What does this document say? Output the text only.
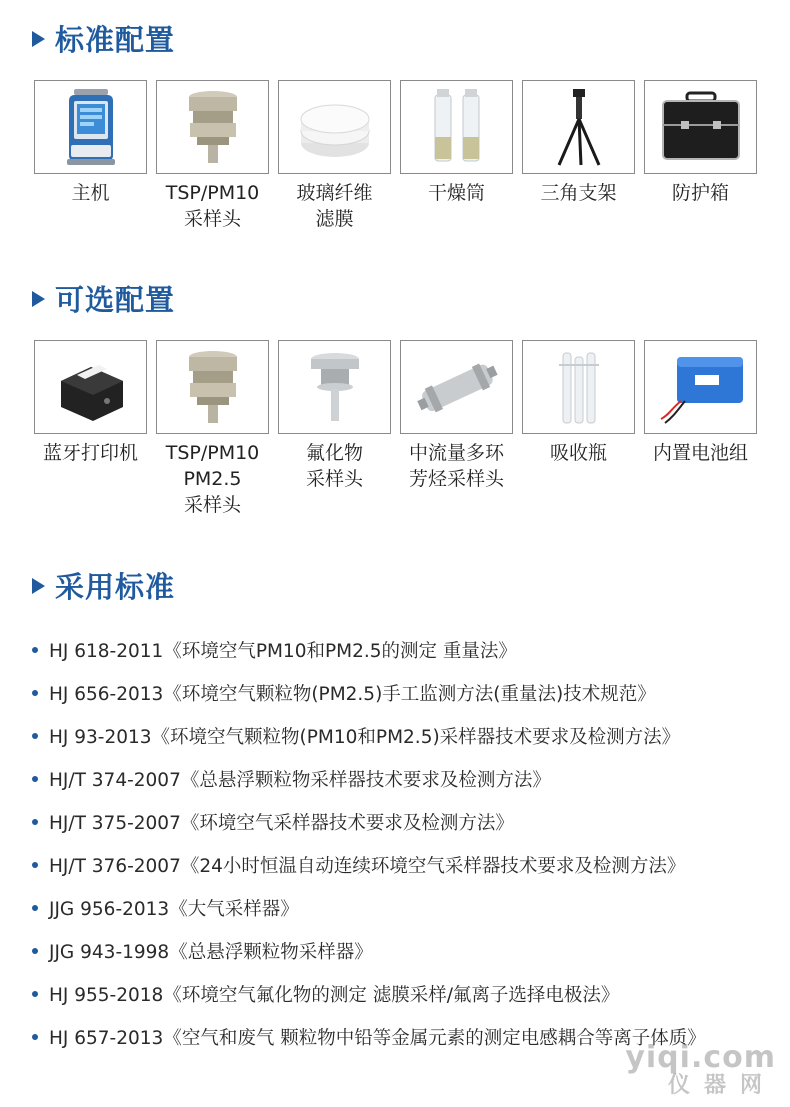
标准配置
主机	TSP/PM10
采样头
玻璃纤维
滤膜
干燥筒	三角支架	防护箱
可选配置
蓝牙打印机 TSP/PM10
PM2.5
采样头
氟化物
采样头
中流量多环
芳烃采样头
吸收瓶 内置电池组
采用标准
HJ 618-2011《环境空气PM10和PM2.5的测定 重量法》
HJ 656-2013《环境空气颗粒物(PM2.5)手工监测方法(重量法)技术规范》
HJ 93-2013《环境空气颗粒物(PM10和PM2.5)采样器技术要求及检测方法》
HJ/T 374-2007《总悬浮颗粒物采样器技术要求及检测方法》
HJ/T 375-2007《环境空气采样器技术要求及检测方法》
HJ/T 376-2007《24小时恒温自动连续环境空气采样器技术要求及检测方法》
JJG 956-2013《大气采样器》
JJG 943-1998《总悬浮颗粒物采样器》
HJ 955-2018《环境空气氟化物的测定 滤膜采样/氟离子选择电极法》
HJ 657-2013《空气和废气 颗粒物中铅等金属元素的测定电感耦合等离子体质》
yiqi.com
仪器网
